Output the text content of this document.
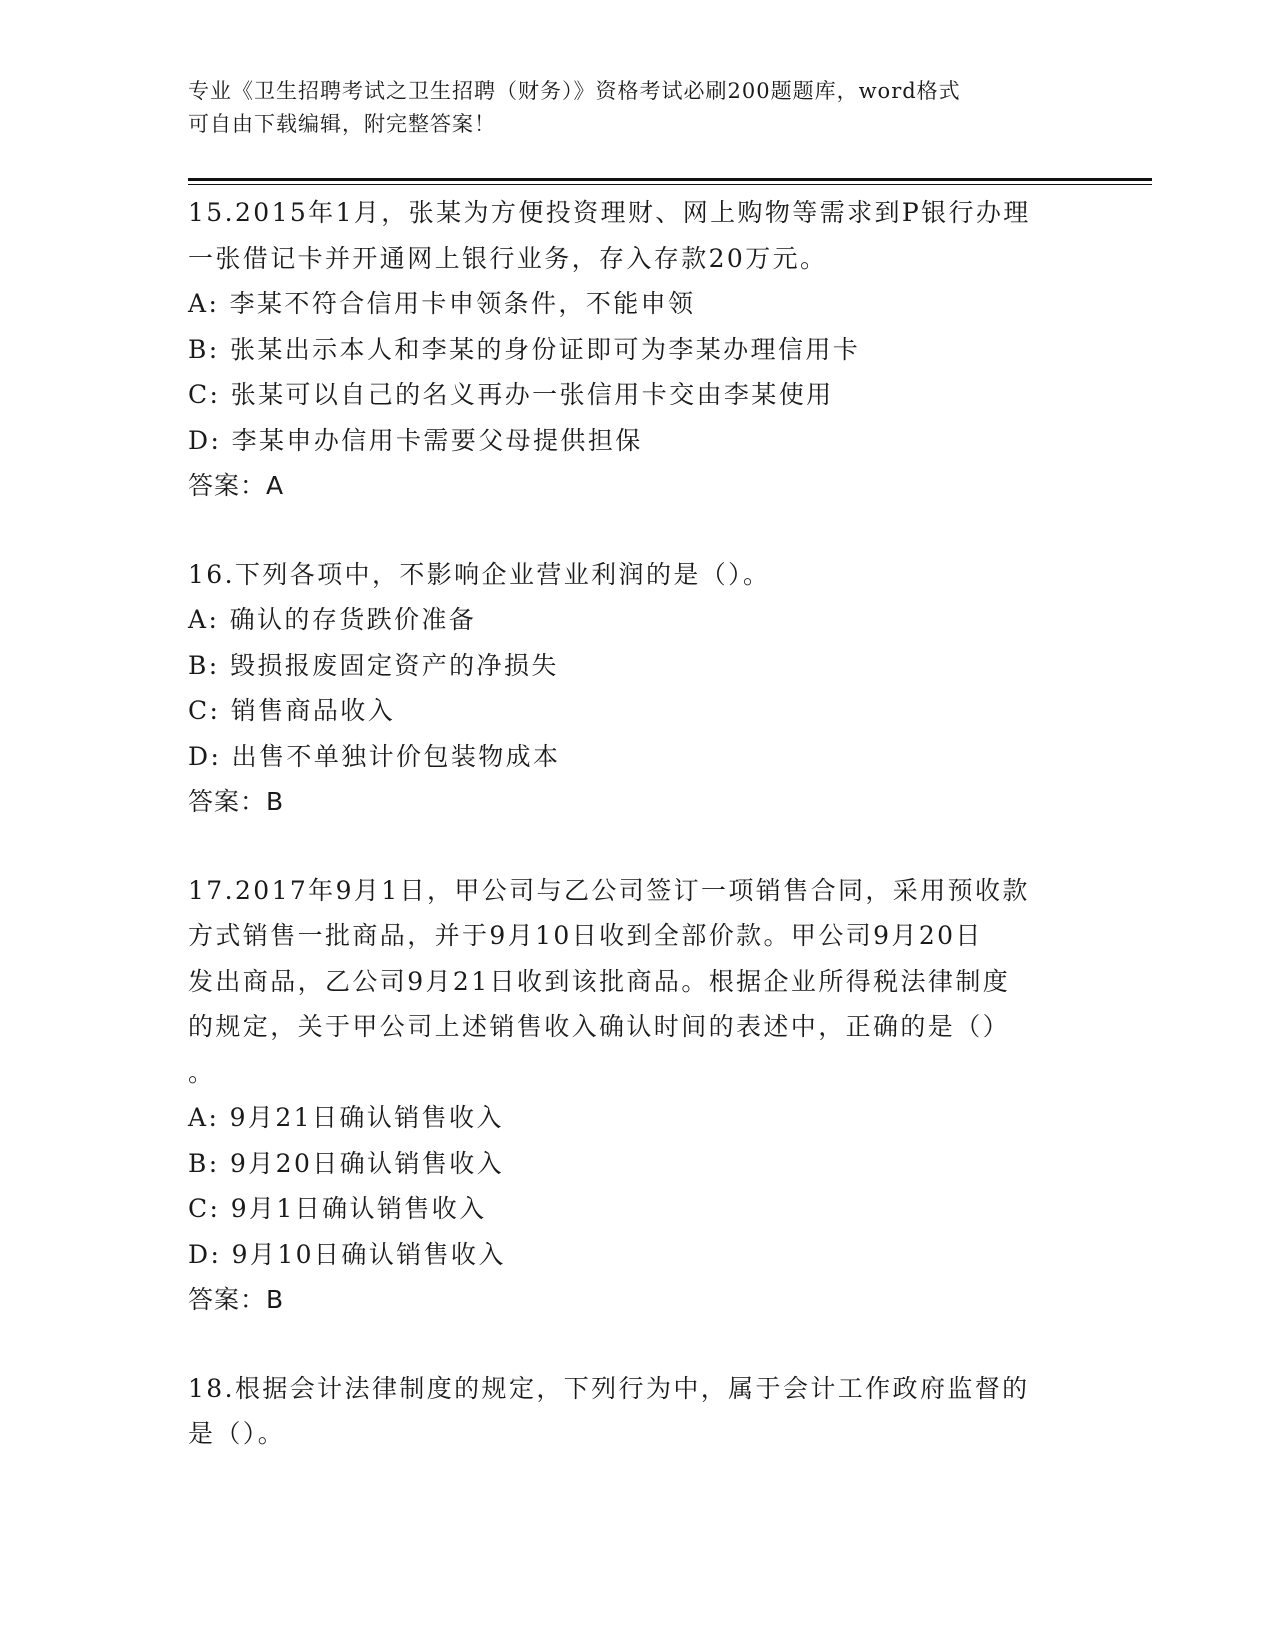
专业《卫生招聘考试之卫生招聘（财务）》资格考试必刷200题题库，word格式

可自由下载编辑，附完整答案！

15.2015年1月，张某为方便投资理财、网上购物等需求到P银行办理

一张借记卡并开通网上银行业务，存入存款20万元。

A: 李某不符合信用卡申领条件，不能申领

B: 张某出示本人和李某的身份证即可为李某办理信用卡

C: 张某可以自己的名义再办一张信用卡交由李某使用

D: 李某申办信用卡需要父母提供担保

答案：A

16.下列各项中，不影响企业营业利润的是（）。

A: 确认的存货跌价准备

B: 毁损报废固定资产的净损失

C: 销售商品收入

D: 出售不单独计价包装物成本

答案：B

17.2017年9月1日，甲公司与乙公司签订一项销售合同，采用预收款

方式销售一批商品，并于9月10日收到全部价款。甲公司9月20日

发出商品，乙公司9月21日收到该批商品。根据企业所得税法律制度

的规定，关于甲公司上述销售收入确认时间的表述中，正确的是（）

。

A: 9月21日确认销售收入

B: 9月20日确认销售收入

C: 9月1日确认销售收入

D: 9月10日确认销售收入

答案：B

18.根据会计法律制度的规定，下列行为中，属于会计工作政府监督的

是（）。
